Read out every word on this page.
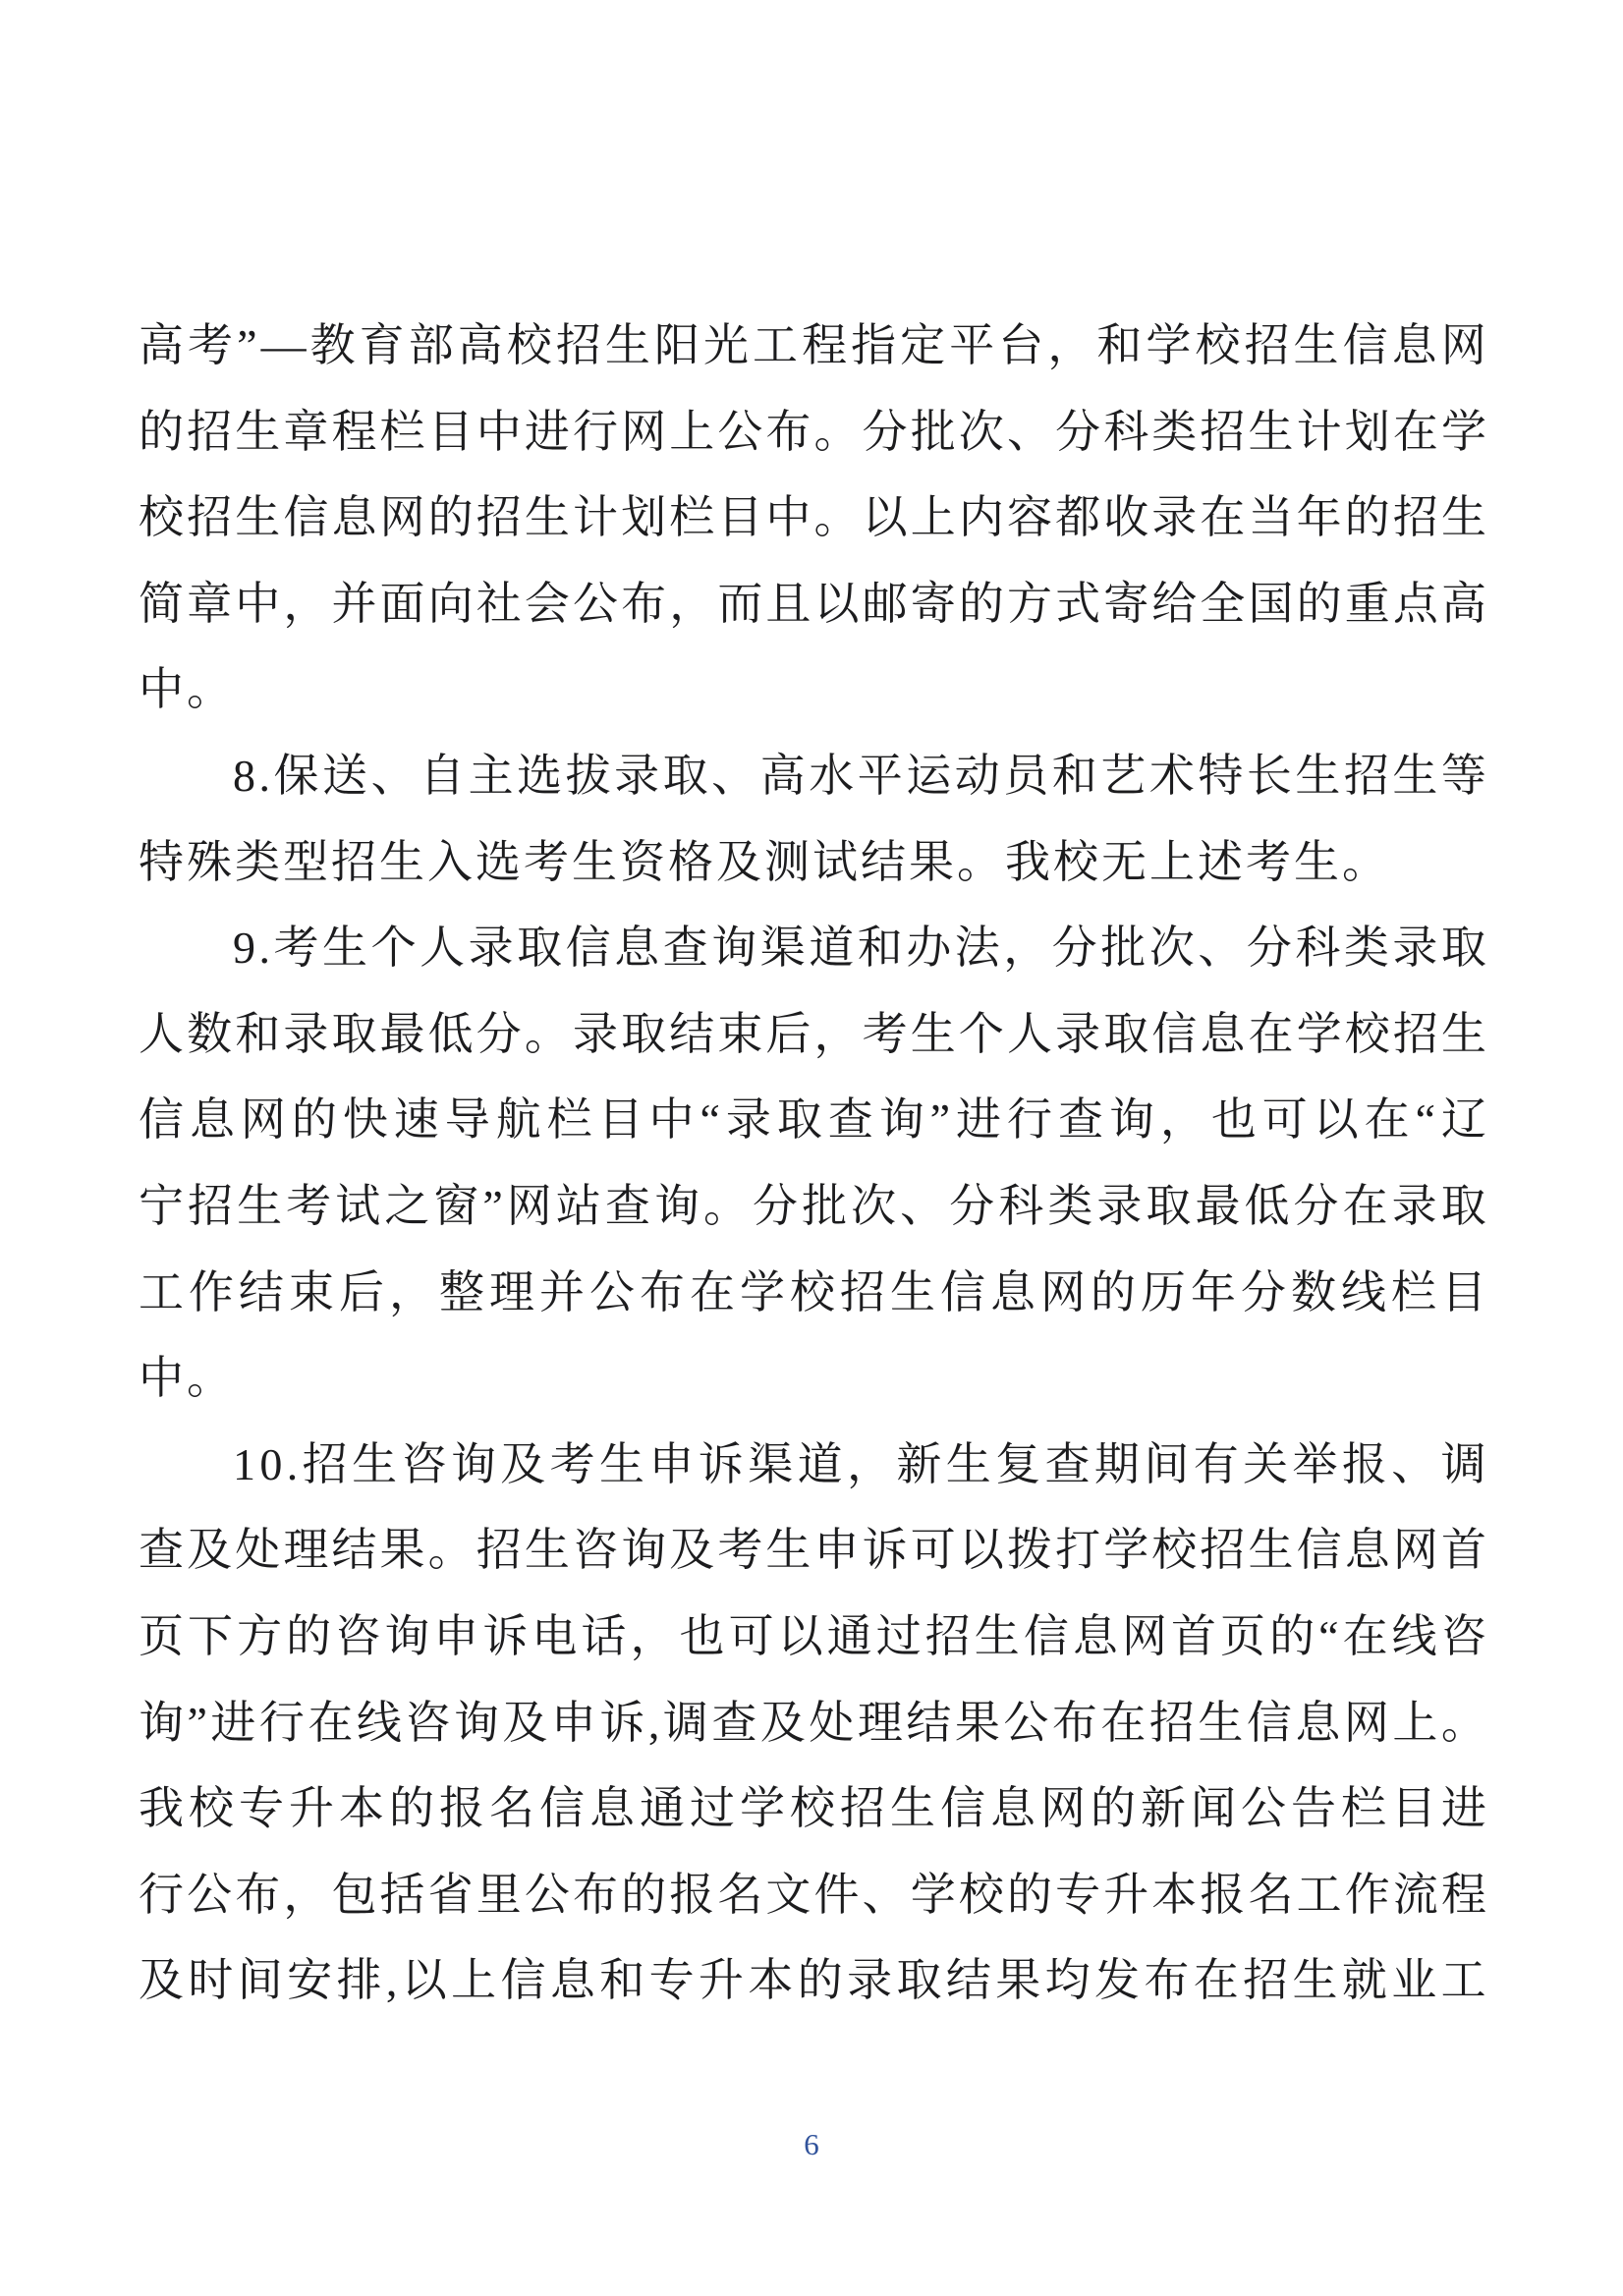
高 考 ” — 教 育 部 高 校 招 生 阳 光 工 程 指 定 平 台 ， 和 学 校 招 生 信 息 网
的 招 生 章 程 栏 目 中 进 行 网 上 公 布 。 分 批 次 、 分 科 类 招 生 计 划 在 学
校 招 生 信 息 网 的 招 生 计 划 栏 目 中 。 以 上 内 容 都 收 录 在 当 年 的 招 生
简 章 中 ， 并 面 向 社 会 公 布 ， 而 且 以 邮 寄 的 方 式 寄 给 全 国 的 重 点 高
中。
8 . 保 送 、 自 主 选 拔 录 取 、 高 水 平 运 动 员 和 艺 术 特 长 生 招 生 等
特殊类型招生入选考生资格及测试结果。我校无上述考生。
9 . 考 生 个 人 录 取 信 息 查 询 渠 道 和 办 法 ， 分 批 次 、 分 科 类 录 取
人 数 和 录 取 最 低 分 。 录 取 结 束 后 ， 考 生 个 人 录 取 信 息 在 学 校 招 生
信 息 网 的 快 速 导 航 栏 目 中 “ 录 取 查 询 ” 进 行 查 询 ， 也 可 以 在 “ 辽
宁 招 生 考 试 之 窗 ” 网 站 查 询 。 分 批 次 、 分 科 类 录 取 最 低 分 在 录 取
工 作 结 束 后 ， 整 理 并 公 布 在 学 校 招 生 信 息 网 的 历 年 分 数 线 栏 目
中。
1 0 . 招 生 咨 询 及 考 生 申 诉 渠 道 ， 新 生 复 查 期 间 有 关 举 报 、 调
查 及 处 理 结 果 。 招 生 咨 询 及 考 生 申 诉 可 以 拨 打 学 校 招 生 信 息 网 首
页 下 方 的 咨 询 申 诉 电 话 ， 也 可 以 通 过 招 生 信 息 网 首 页 的 “ 在 线 咨
询 ” 进 行 在 线 咨 询 及 申 诉 , 调 查 及 处 理 结 果 公 布 在 招 生 信 息 网 上 。
我 校 专 升 本 的 报 名 信 息 通 过 学 校 招 生 信 息 网 的 新 闻 公 告 栏 目 进
行 公 布 ， 包 括 省 里 公 布 的 报 名 文 件 、 学 校 的 专 升 本 报 名 工 作 流 程
及 时 间 安 排 , 以 上 信 息 和 专 升 本 的 录 取 结 果 均 发 布 在 招 生 就 业 工
6
